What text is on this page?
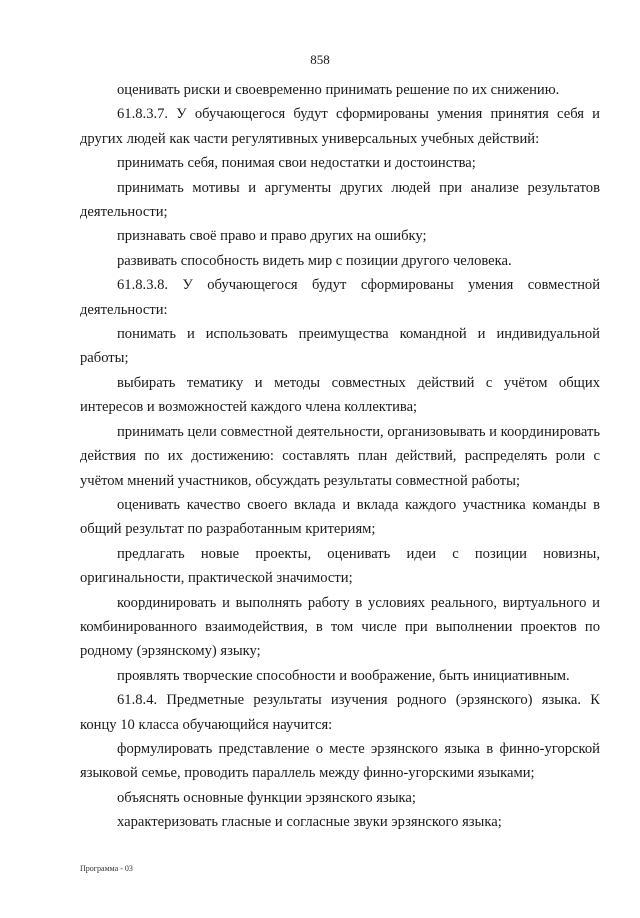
858

оценивать риски и своевременно принимать решение по их снижению.

61.8.3.7. У обучающегося будут сформированы умения принятия себя и других людей как части регулятивных универсальных учебных действий:

принимать себя, понимая свои недостатки и достоинства;

принимать мотивы и аргументы других людей при анализе результатов деятельности;

признавать своё право и право других на ошибку;

развивать способность видеть мир с позиции другого человека.

61.8.3.8. У обучающегося будут сформированы умения совместной деятельности:

понимать и использовать преимущества командной и индивидуальной работы;

выбирать тематику и методы совместных действий с учётом общих интересов и возможностей каждого члена коллектива;

принимать цели совместной деятельности, организовывать и координировать действия по их достижению: составлять план действий, распределять роли с учётом мнений участников, обсуждать результаты совместной работы;

оценивать качество своего вклада и вклада каждого участника команды в общий результат по разработанным критериям;

предлагать новые проекты, оценивать идеи с позиции новизны, оригинальности, практической значимости;

координировать и выполнять работу в условиях реального, виртуального и комбинированного взаимодействия, в том числе при выполнении проектов по родному (эрзянскому) языку;

проявлять творческие способности и воображение, быть инициативным.

61.8.4. Предметные результаты изучения родного (эрзянского) языка. К концу 10 класса обучающийся научится:

формулировать представление о месте эрзянского языка в финно-угорской языковой семье, проводить параллель между финно-угорскими языками;

объяснять основные функции эрзянского языка;

характеризовать гласные и согласные звуки эрзянского языка;

Программа - 03
